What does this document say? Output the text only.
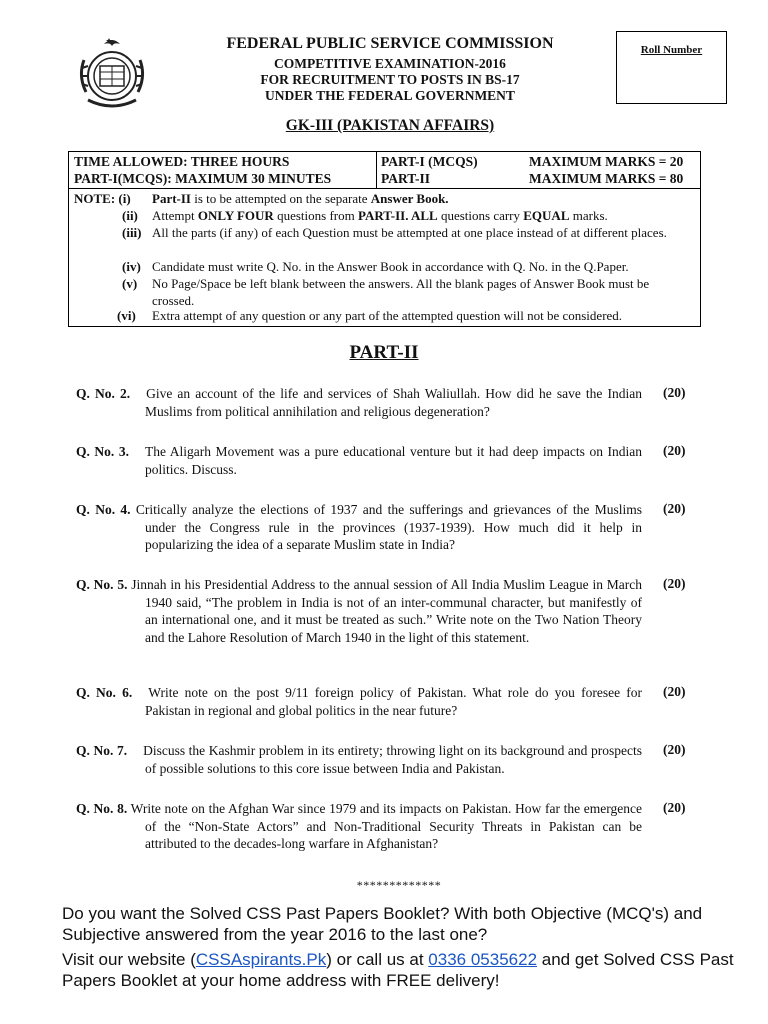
FEDERAL PUBLIC SERVICE COMMISSION
COMPETITIVE EXAMINATION-2016
FOR RECRUITMENT TO POSTS IN BS-17
UNDER THE FEDERAL GOVERNMENT
Roll Number
GK-III (PAKISTAN AFFAIRS)
TIME ALLOWED: THREE HOURS
PART-I(MCQS): MAXIMUM 30 MINUTES
PART-I (MCQS)
PART-II
MAXIMUM MARKS = 20
MAXIMUM MARKS = 80
NOTE: (i) Part-II is to be attempted on the separate Answer Book.
(ii) Attempt ONLY FOUR questions from PART-II. ALL questions carry EQUAL marks.
(iii) All the parts (if any) of each Question must be attempted at one place instead of at different places.
(iv) Candidate must write Q. No. in the Answer Book in accordance with Q. No. in the Q.Paper.
(v) No Page/Space be left blank between the answers. All the blank pages of Answer Book must be crossed.
(vi) Extra attempt of any question or any part of the attempted question will not be considered.
PART-II
Q. No. 2. Give an account of the life and services of Shah Waliullah. How did he save the Indian Muslims from political annihilation and religious degeneration?
(20)
Q. No. 3. The Aligarh Movement was a pure educational venture but it had deep impacts on Indian politics. Discuss.
(20)
Q. No. 4. Critically analyze the elections of 1937 and the sufferings and grievances of the Muslims under the Congress rule in the provinces (1937-1939). How much did it help in popularizing the idea of a separate Muslim state in India?
(20)
Q. No. 5. Jinnah in his Presidential Address to the annual session of All India Muslim League in March 1940 said, “The problem in India is not of an inter-communal character, but manifestly of an international one, and it must be treated as such.” Write note on the Two Nation Theory and the Lahore Resolution of March 1940 in the light of this statement.
(20)
Q. No. 6. Write note on the post 9/11 foreign policy of Pakistan. What role do you foresee for Pakistan in regional and global politics in the near future?
(20)
Q. No. 7. Discuss the Kashmir problem in its entirety; throwing light on its background and prospects of possible solutions to this core issue between India and Pakistan.
(20)
Q. No. 8. Write note on the Afghan War since 1979 and its impacts on Pakistan. How far the emergence of the “Non-State Actors” and Non-Traditional Security Threats in Pakistan can be attributed to the decades-long warfare in Afghanistan?
(20)
*************
Do you want the Solved CSS Past Papers Booklet? With both Objective (MCQ's) and Subjective answered from the year 2016 to the last one?
Visit our website (CSSAspirants.Pk) or call us at 0336 0535622 and get Solved CSS Past Papers Booklet at your home address with FREE delivery!
